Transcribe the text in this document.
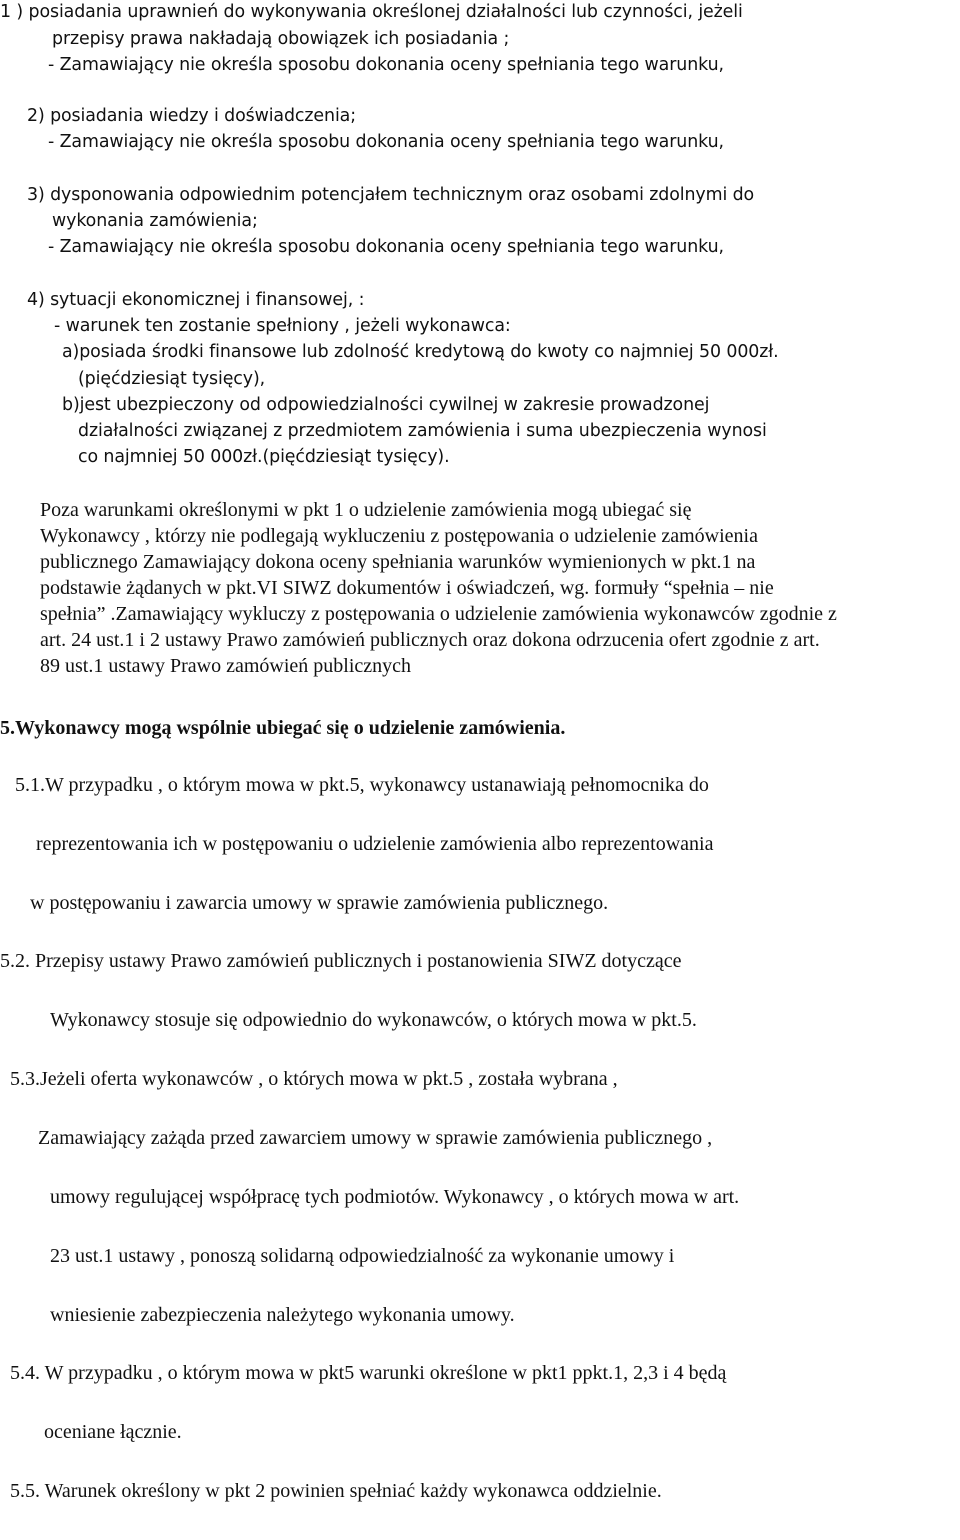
1 ) posiadania uprawnień do wykonywania określonej działalności lub czynności, jeżeli
przepisy prawa nakładają obowiązek ich posiadania ;
- Zamawiający nie określa sposobu dokonania oceny spełniania tego warunku,
2) posiadania wiedzy i doświadczenia;
- Zamawiający nie określa sposobu dokonania oceny spełniania tego warunku,
3) dysponowania odpowiednim potencjałem technicznym oraz osobami zdolnymi do
wykonania zamówienia;
- Zamawiający nie określa sposobu dokonania oceny spełniania tego warunku,
4) sytuacji ekonomicznej i finansowej, :
- warunek ten zostanie spełniony , jeżeli wykonawca:
a)posiada środki finansowe lub zdolność kredytową do kwoty co najmniej 50 000zł.
(pięćdziesiąt tysięcy),
b)jest ubezpieczony od odpowiedzialności cywilnej w zakresie prowadzonej
działalności związanej z przedmiotem zamówienia i suma ubezpieczenia wynosi
co najmniej 50 000zł.(pięćdziesiąt tysięcy).
Poza warunkami określonymi w pkt 1 o udzielenie zamówienia mogą ubiegać się
Wykonawcy , którzy nie podlegają wykluczeniu z postępowania o udzielenie zamówienia
publicznego Zamawiający dokona oceny spełniania warunków wymienionych w pkt.1 na
podstawie żądanych w pkt.VI SIWZ dokumentów i oświadczeń, wg. formuły “spełnia – nie
spełnia” .Zamawiający wykluczy z postępowania o udzielenie zamówienia wykonawców zgodnie z
art. 24 ust.1 i 2 ustawy Prawo zamówień publicznych oraz dokona odrzucenia ofert zgodnie z art.
89 ust.1 ustawy Prawo zamówień publicznych
5.Wykonawcy mogą wspólnie ubiegać się o udzielenie zamówienia.
5.1.W przypadku , o którym mowa w pkt.5, wykonawcy ustanawiają pełnomocnika do
reprezentowania ich w postępowaniu o udzielenie zamówienia albo reprezentowania
w postępowaniu i zawarcia umowy w sprawie zamówienia publicznego.
5.2. Przepisy ustawy Prawo zamówień publicznych i postanowienia SIWZ dotyczące
Wykonawcy stosuje się odpowiednio do wykonawców, o których mowa w pkt.5.
5.3.Jeżeli oferta wykonawców , o których mowa w pkt.5 , została wybrana ,
Zamawiający zażąda przed zawarciem umowy w sprawie zamówienia publicznego ,
umowy regulującej współpracę tych podmiotów. Wykonawcy , o których mowa w art.
23 ust.1 ustawy , ponoszą solidarną odpowiedzialność za wykonanie umowy i
wniesienie zabezpieczenia należytego wykonania umowy.
5.4. W przypadku , o którym mowa w pkt5 warunki określone w pkt1 ppkt.1, 2,3 i 4 będą
oceniane łącznie.
5.5. Warunek określony w pkt 2 powinien spełniać każdy wykonawca oddzielnie.
